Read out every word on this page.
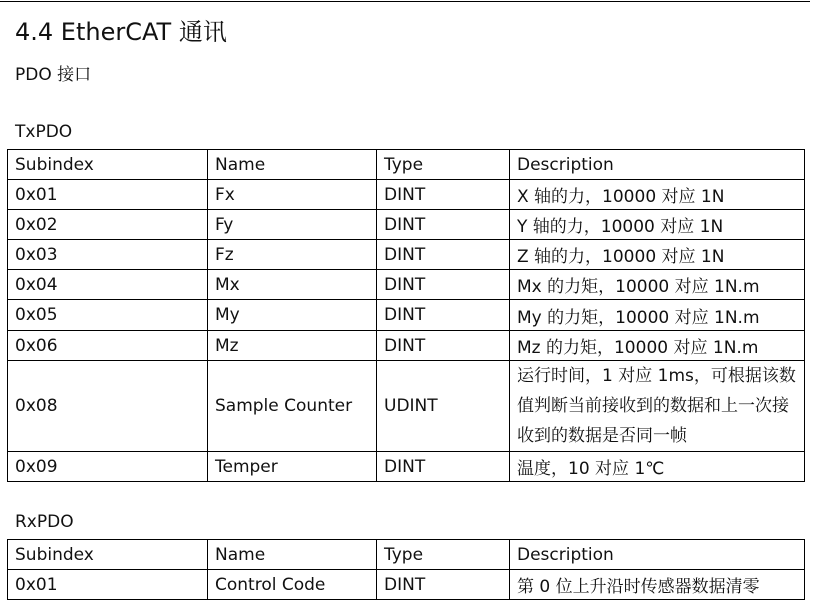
4.4 EtherCAT 通讯
PDO 接口
TxPDO
Subindex	Name	Type	Description
0x01	Fx	DINT	X 轴的力，10000 对应 1N
0x02	Fy	DINT	Y 轴的力，10000 对应 1N
0x03	Fz	DINT	Z 轴的力，10000 对应 1N
0x04	Mx	DINT	Mx 的力矩，10000 对应 1N.m
0x05	My	DINT	My 的力矩，10000 对应 1N.m
0x06	Mz	DINT	Mz 的力矩，10000 对应 1N.m
0x08	Sample Counter	UDINT	运行时间，1 对应 1ms，可根据该数值判断当前接收到的数据和上一次接收到的数据是否同一帧
0x09	Temper	DINT	温度，10 对应 1℃
RxPDO
Subindex	Name	Type	Description
0x01	Control Code	DINT	第 0 位上升沿时传感器数据清零
